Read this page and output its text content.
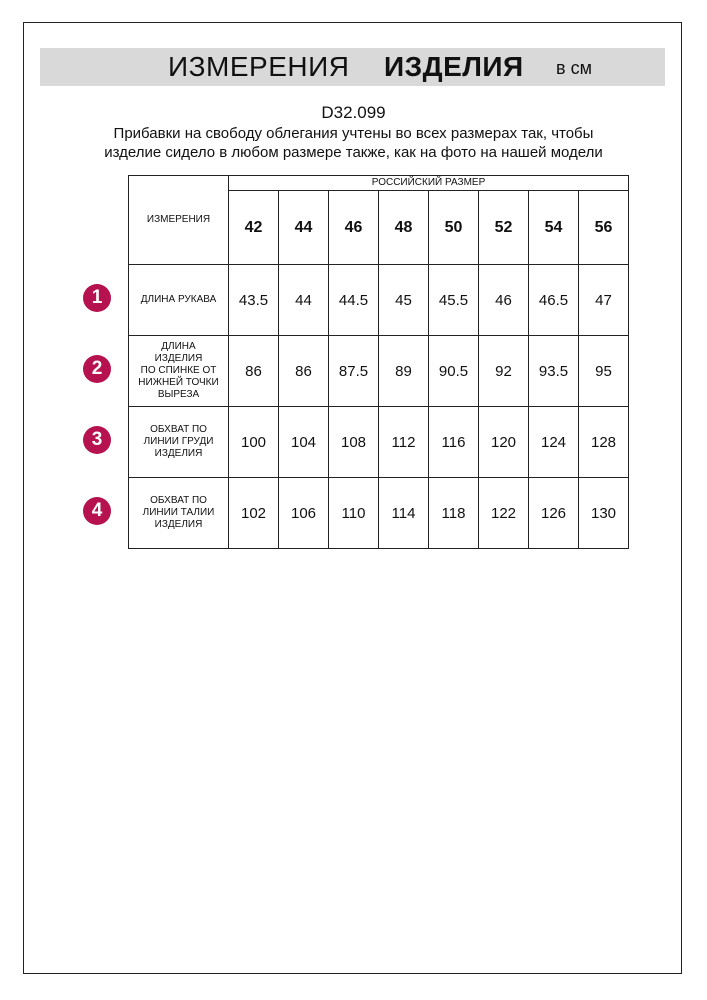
ИЗМЕРЕНИЯ ИЗДЕЛИЯ в см
D32.099
Прибавки на свободу облегания учтены во всех размерах так, чтобы
изделие сидело в любом размере также, как на фото на нашей модели
ИЗМЕРЕНИЯ	РОССИЙСКИЙ РАЗМЕР							
	42	44	46	48	50	52	54	56

ДЛИНА РУКАВА	43.5	44	44.5	45	45.5	46	46.5	47

ДЛИНА
ИЗДЕЛИЯ
ПО СПИНКЕ ОТ
НИЖНЕЙ ТОЧКИ
ВЫРЕЗА	86	86	87.5	89	90.5	92	93.5	95

ОБХВАТ ПО
ЛИНИИ ГРУДИ
ИЗДЕЛИЯ	100	104	108	112	116	120	124	128

ОБХВАТ ПО
ЛИНИИ ТАЛИИ
ИЗДЕЛИЯ	102	106	110	114	118	122	126	130
1
2
3
4
